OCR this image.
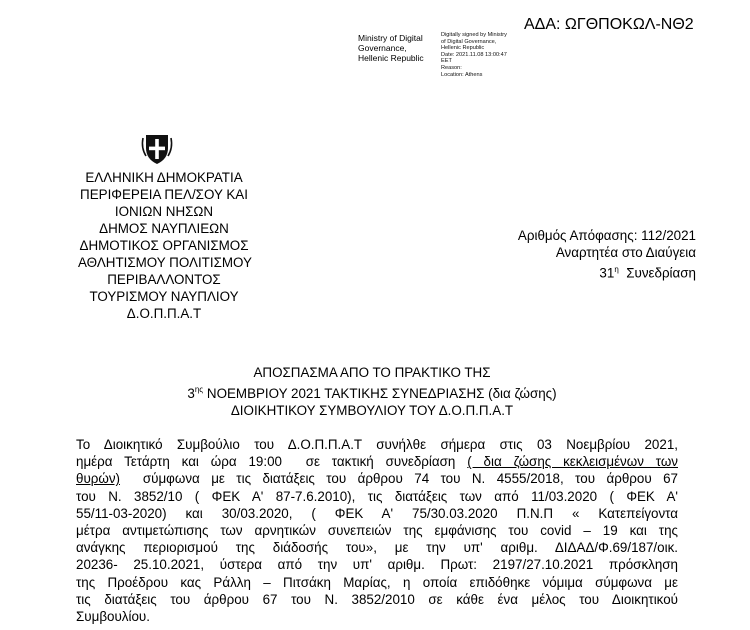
ΑΔΑ: ΩΓΘΠΟΚΩΛ-ΝΘ2
Ministry of Digital
Governance,
Hellenic Republic
Digitally signed by Ministry
of Digital Governance,
Hellenic Republic
Date: 2021.11.08 13:00:47
EET
Reason:
Location: Athens
ΕΛΛΗΝΙΚΗ ΔΗΜΟΚΡΑΤΙΑ
ΠΕΡΙΦΕΡΕΙΑ ΠΕΛ/ΣΟΥ ΚΑΙ
ΙΟΝΙΩΝ ΝΗΣΩΝ
ΔΗΜΟΣ ΝΑΥΠΛΙΕΩΝ
ΔΗΜΟΤΙΚΟΣ ΟΡΓΑΝΙΣΜΟΣ
ΑΘΛΗΤΙΣΜΟΥ ΠΟΛΙΤΙΣΜΟΥ
ΠΕΡΙΒΑΛΛΟΝΤΟΣ
ΤΟΥΡΙΣΜΟΥ ΝΑΥΠΛΙΟΥ
Δ.Ο.Π.Π.Α.Τ
Αριθμός Απόφασης: 112/2021
Αναρτητέα στο Διαύγεια
$31^\eta$  Συνεδρίαση
ΑΠΟΣΠΑΣΜΑ ΑΠΟ ΤΟ ΠΡΑΚΤΙΚΟ ΤΗΣ
$3^{\eta\varsigma}$ ΝΟΕΜΒΡΙΟΥ 2021 ΤΑΚΤΙΚΗΣ ΣΥΝΕΔΡΙΑΣΗΣ (δια ζώσης)
ΔΙΟΙΚΗΤΙΚΟΥ ΣΥΜΒΟΥΛΙΟΥ ΤΟΥ Δ.Ο.Π.Π.Α.Τ
Το Διοικητικό Συμβούλιο του Δ.Ο.Π.Π.Α.Τ συνήλθε σήμερα στις 03 Νοεμβρίου 2021,
ημέρα Τετάρτη και ώρα 19:00  σε τακτική συνεδρίαση ( δια ζώσης κεκλεισμένων των
θυρών)  σύμφωνα με τις διατάξεις του άρθρου 74 του Ν. 4555/2018, του άρθρου 67
του Ν. 3852/10 ( ΦΕΚ Α' 87-7.6.2010), τις διατάξεις των από 11/03.2020 ( ΦΕΚ Α'
55/11-03-2020) και 30/03.2020, ( ΦΕΚ Α' 75/30.03.2020 Π.Ν.Π « Κατεπείγοντα
μέτρα αντιμετώπισης των αρνητικών συνεπειών της εμφάνισης του covid – 19 και της
ανάγκης περιορισμού της διάδοσής του», με την υπ' αριθμ. ΔΙΔΑΔ/Φ.69/187/οικ.
20236- 25.10.2021, ύστερα από την υπ' αριθμ. Πρωτ: 2197/27.10.2021 πρόσκληση
της Προέδρου κας Ράλλη – Πιτσάκη Μαρίας, η οποία επιδόθηκε νόμιμα σύμφωνα με
τις διατάξεις του άρθρου 67 του Ν. 3852/2010 σε κάθε ένα μέλος του Διοικητικού
Συμβουλίου.
